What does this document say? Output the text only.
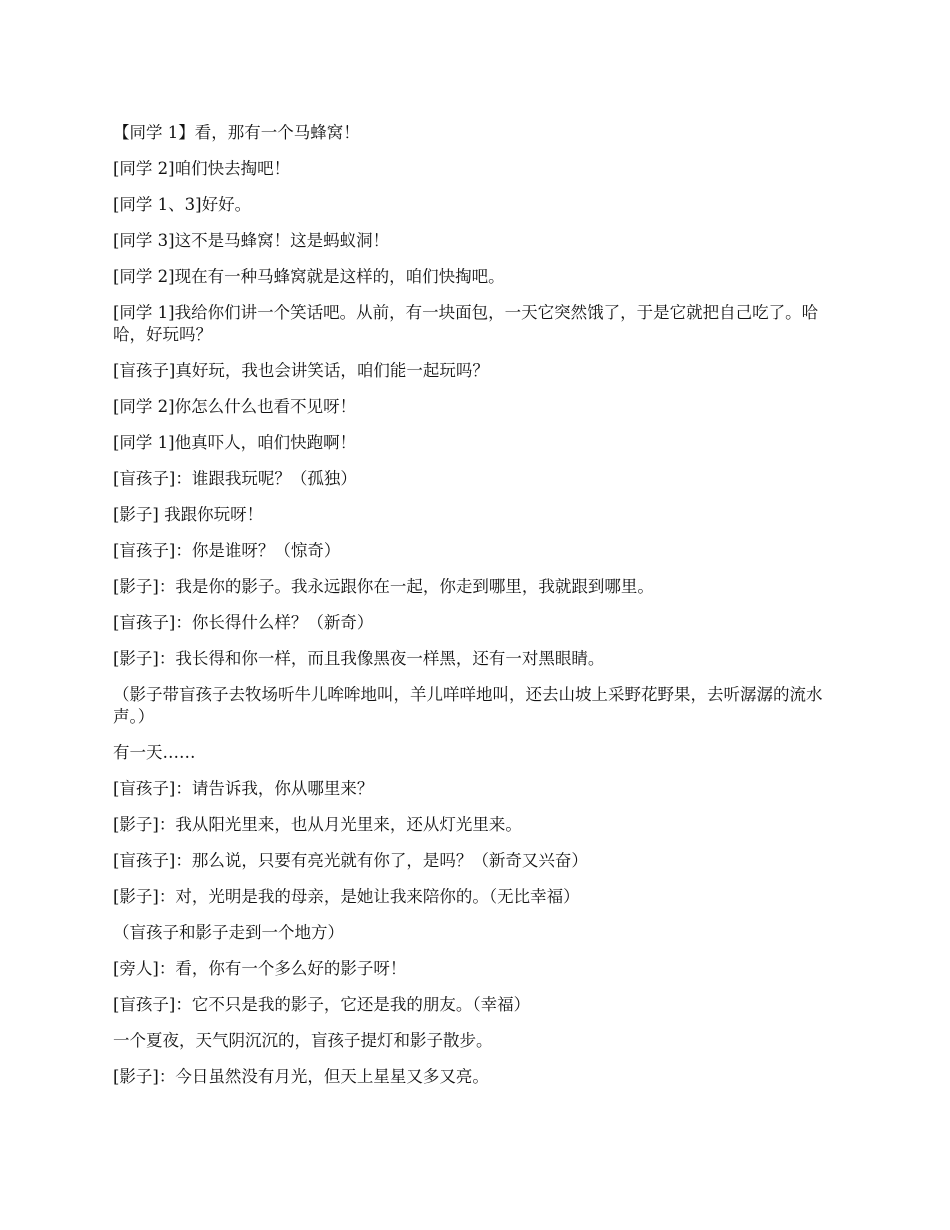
【同学 1】看，那有一个马蜂窝！

[同学 2]咱们快去掏吧！

[同学 1、3]好好。

[同学 3]这不是马蜂窝！这是蚂蚁洞！

[同学 2]现在有一种马蜂窝就是这样的，咱们快掏吧。

[同学 1]我给你们讲一个笑话吧。从前，有一块面包，一天它突然饿了，于是它就把自己吃了。哈哈，好玩吗？

[盲孩子]真好玩，我也会讲笑话，咱们能一起玩吗？

[同学 2]你怎么什么也看不见呀！

[同学 1]他真吓人，咱们快跑啊！

[盲孩子]：谁跟我玩呢？（孤独）

[影子] 我跟你玩呀！

[盲孩子]：你是谁呀？（惊奇）

[影子]：我是你的影子。我永远跟你在一起，你走到哪里，我就跟到哪里。

[盲孩子]：你长得什么样？（新奇）

[影子]：我长得和你一样，而且我像黑夜一样黑，还有一对黑眼睛。

（影子带盲孩子去牧场听牛儿哞哞地叫，羊儿咩咩地叫，还去山坡上采野花野果，去听潺潺的流水声。）

有一天……

[盲孩子]：请告诉我，你从哪里来？

[影子]：我从阳光里来，也从月光里来，还从灯光里来。

[盲孩子]：那么说，只要有亮光就有你了，是吗？（新奇又兴奋）

[影子]：对，光明是我的母亲，是她让我来陪你的。（无比幸福）

（盲孩子和影子走到一个地方）

[旁人]：看，你有一个多么好的影子呀！

[盲孩子]：它不只是我的影子，它还是我的朋友。（幸福）

一个夏夜，天气阴沉沉的，盲孩子提灯和影子散步。

[影子]：今日虽然没有月光，但天上星星又多又亮。
